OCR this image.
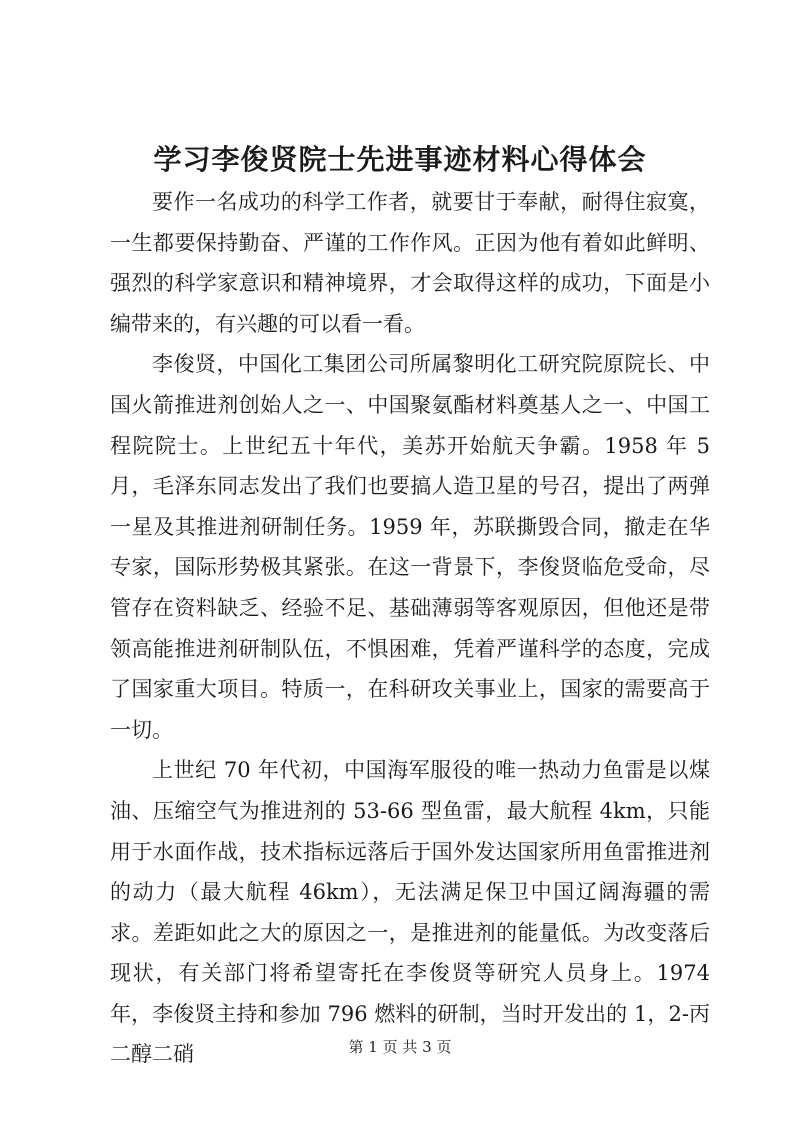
学习李俊贤院士先进事迹材料心得体会

要作一名成功的科学工作者，就要甘于奉献，耐得住寂寞，一生都要保持勤奋、严谨的工作作风。正因为他有着如此鲜明、强烈的科学家意识和精神境界，才会取得这样的成功，下面是小编带来的，有兴趣的可以看一看。

李俊贤，中国化工集团公司所属黎明化工研究院原院长、中国火箭推进剂创始人之一、中国聚氨酯材料奠基人之一、中国工程院院士。上世纪五十年代，美苏开始航天争霸。1958 年 5 月，毛泽东同志发出了我们也要搞人造卫星的号召，提出了两弹一星及其推进剂研制任务。1959 年，苏联撕毁合同，撤走在华专家，国际形势极其紧张。在这一背景下，李俊贤临危受命，尽管存在资料缺乏、经验不足、基础薄弱等客观原因，但他还是带领高能推进剂研制队伍，不惧困难，凭着严谨科学的态度，完成了国家重大项目。特质一，在科研攻关事业上，国家的需要高于一切。

上世纪 70 年代初，中国海军服役的唯一热动力鱼雷是以煤油、压缩空气为推进剂的 53-66 型鱼雷，最大航程 4km，只能用于水面作战，技术指标远落后于国外发达国家所用鱼雷推进剂的动力（最大航程 46km），无法满足保卫中国辽阔海疆的需求。差距如此之大的原因之一，是推进剂的能量低。为改变落后现状，有关部门将希望寄托在李俊贤等研究人员身上。1974 年，李俊贤主持和参加 796 燃料的研制，当时开发出的 1，2-丙二醇二硝	第 1 页 共 3 页
